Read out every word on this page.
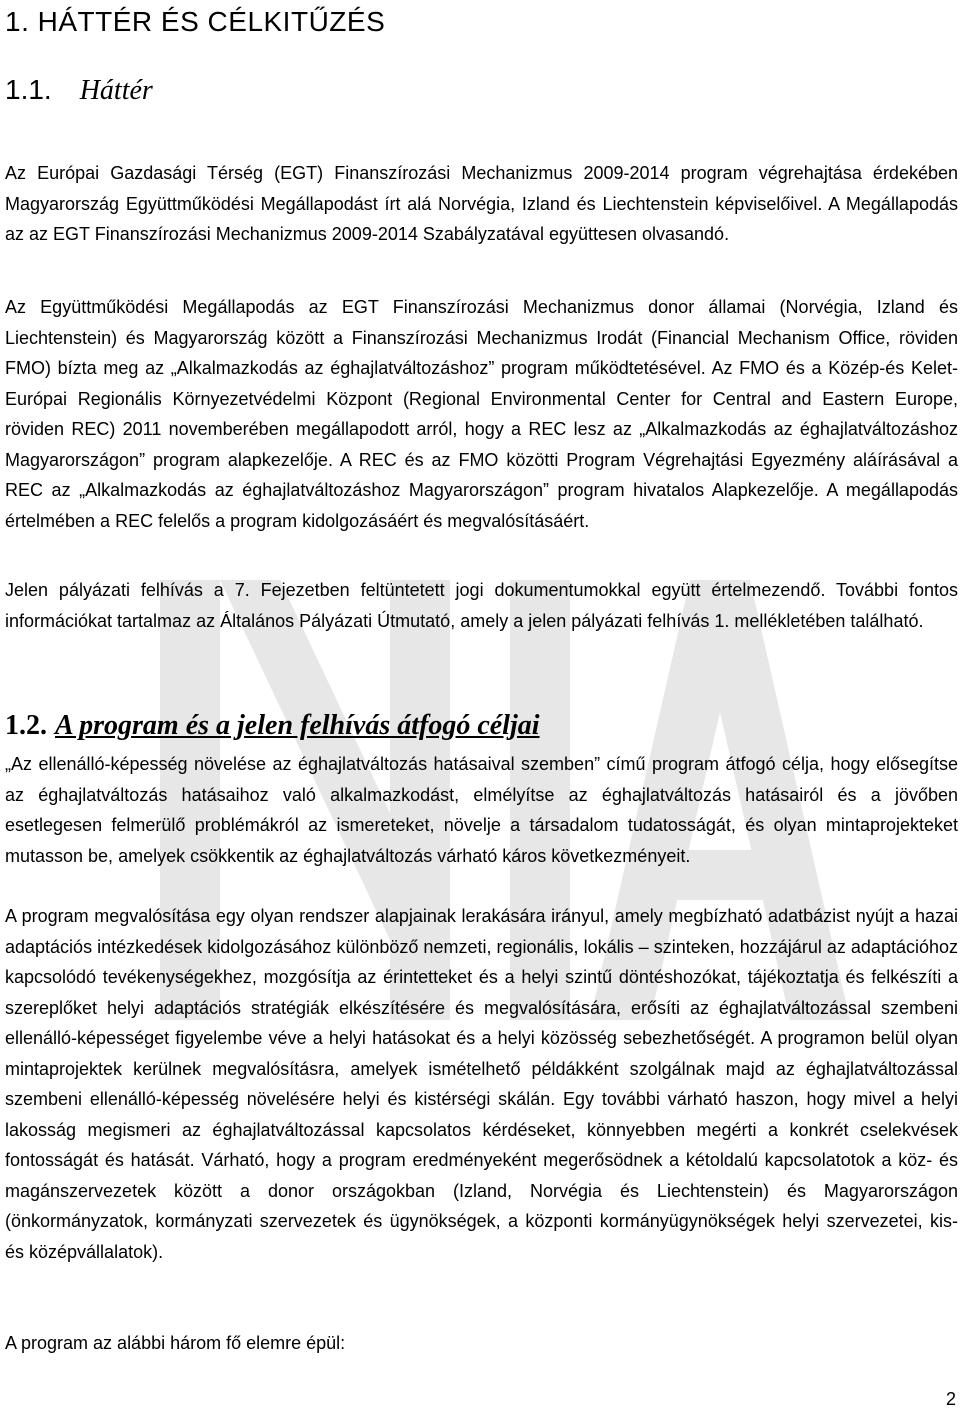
1. HÁTTÉR ÉS CÉLKITŰZÉS
1.1. Háttér

Az Európai Gazdasági Térség (EGT) Finanszírozási Mechanizmus 2009-2014 program végrehajtása érdekében Magyarország Együttműködési Megállapodást írt alá Norvégia, Izland és Liechtenstein képviselőivel. A Megállapodás az az EGT Finanszírozási Mechanizmus 2009-2014 Szabályzatával együttesen olvasandó.

Az Együttműködési Megállapodás az EGT Finanszírozási Mechanizmus donor államai (Norvégia, Izland és Liechtenstein) és Magyarország között a Finanszírozási Mechanizmus Irodát (Financial Mechanism Office, röviden FMO) bízta meg az „Alkalmazkodás az éghajlatváltozáshoz” program működtetésével. Az FMO és a Közép-és Kelet-Európai Regionális Környezetvédelmi Központ (Regional Environmental Center for Central and Eastern Europe, röviden REC) 2011 novemberében megállapodott arról, hogy a REC lesz az „Alkalmazkodás az éghajlatváltozáshoz Magyarországon” program alapkezelője. A REC és az FMO közötti Program Végrehajtási Egyezmény aláírásával a REC az „Alkalmazkodás az éghajlatváltozáshoz Magyarországon” program hivatalos Alapkezelője. A megállapodás értelmében a REC felelős a program kidolgozásáért és megvalósításáért.

Jelen pályázati felhívás a 7. Fejezetben feltüntetett jogi dokumentumokkal együtt értelmezendő. További fontos információkat tartalmaz az Általános Pályázati Útmutató, amely a jelen pályázati felhívás 1. mellékletében található.

1.2. A program és a jelen felhívás átfogó céljai

„Az ellenálló-képesség növelése az éghajlatváltozás hatásaival szemben” című program átfogó célja, hogy elősegítse az éghajlatváltozás hatásaihoz való alkalmazkodást, elmélyítse az éghajlatváltozás hatásairól és a jövőben esetlegesen felmerülő problémákról az ismereteket, növelje a társadalom tudatosságát, és olyan mintaprojekteket mutasson be, amelyek csökkentik az éghajlatváltozás várható káros következményeit.

A program megvalósítása egy olyan rendszer alapjainak lerakására irányul, amely megbízható adatbázist nyújt a hazai adaptációs intézkedések kidolgozásához különböző nemzeti, regionális, lokális – szinteken, hozzájárul az adaptációhoz kapcsolódó tevékenységekhez, mozgósítja az érintetteket és a helyi szintű döntéshozókat, tájékoztatja és felkészíti a szereplőket helyi adaptációs stratégiák elkészítésére és megvalósítására, erősíti az éghajlatváltozással szembeni ellenálló-képességet figyelembe véve a helyi hatásokat és a helyi közösség sebezhetőségét. A programon belül olyan mintaprojektek kerülnek megvalósításra, amelyek ismételhető példákként szolgálnak majd az éghajlatváltozással szembeni ellenálló-képesség növelésére helyi és kistérségi skálán. Egy további várható haszon, hogy mivel a helyi lakosság megismeri az éghajlatváltozással kapcsolatos kérdéseket, könnyebben megérti a konkrét cselekvések fontosságát és hatását. Várható, hogy a program eredményeként megerősödnek a kétoldalú kapcsolatotok a köz- és magánszervezetek között a donor országokban (Izland, Norvégia és Liechtenstein) és Magyarországon (önkormányzatok, kormányzati szervezetek és ügynökségek, a központi kormányügynökségek helyi szervezetei, kis- és középvállalatok).

A program az alábbi három fő elemre épül:

2
